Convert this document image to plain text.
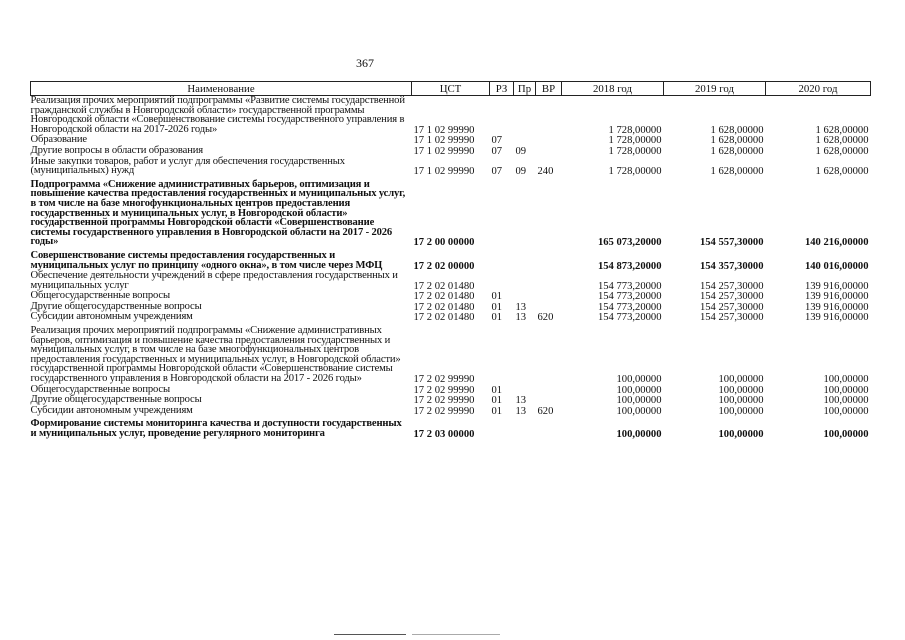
367
Наименование	ЦСТ	РЗ	Пр	ВР	2018 год	2019 год	2020 год
Реализация прочих мероприятий подпрограммы «Развитие системы государственной гражданской службы в Новгородской области» государственной программы Новгородской области «Совершенствование системы государственного управления в Новгородской области на 2017-2026 годы»	17 1 02 99990				1 728,00000	1 628,00000	1 628,00000
Образование	17 1 02 99990	07			1 728,00000	1 628,00000	1 628,00000
Другие вопросы в области образования	17 1 02 99990	07	09		1 728,00000	1 628,00000	1 628,00000
Иные закупки товаров, работ и услуг для обеспечения государственных (муниципальных) нужд	17 1 02 99990	07	09	240	1 728,00000	1 628,00000	1 628,00000
Подпрограмма «Снижение административных барьеров, оптимизация и повышение качества предоставления государственных и муниципальных услуг, в том числе на базе многофункциональных центров предоставления государственных и муниципальных услуг, в Новгородской области» государственной программы Новгородской области «Совершенствование системы государственного управления в Новгородской области на 2017 - 2026 годы»	17 2 00 00000				165 073,20000	154 557,30000	140 216,00000
Совершенствование системы предоставления государственных и муниципальных услуг по принципу «одного окна», в том числе через МФЦ	17 2 02 00000				154 873,20000	154 357,30000	140 016,00000
Обеспечение деятельности учреждений в сфере предоставления государственных и муниципальных услуг	17 2 02 01480				154 773,20000	154 257,30000	139 916,00000
Общегосударственные вопросы	17 2 02 01480	01			154 773,20000	154 257,30000	139 916,00000
Другие общегосударственные вопросы	17 2 02 01480	01	13		154 773,20000	154 257,30000	139 916,00000
Субсидии автономным учреждениям	17 2 02 01480	01	13	620	154 773,20000	154 257,30000	139 916,00000
Реализация прочих мероприятий подпрограммы «Снижение административных барьеров, оптимизация и повышение качества предоставления государственных и муниципальных услуг, в том числе на базе многофункциональных центров предоставления государственных и муниципальных услуг, в Новгородской области» государственной программы Новгородской области «Совершенствование системы государственного управления в Новгородской области на 2017 - 2026 годы»	17 2 02 99990				100,00000	100,00000	100,00000
Общегосударственные вопросы	17 2 02 99990	01			100,00000	100,00000	100,00000
Другие общегосударственные вопросы	17 2 02 99990	01	13		100,00000	100,00000	100,00000
Субсидии автономным учреждениям	17 2 02 99990	01	13	620	100,00000	100,00000	100,00000
Формирование системы мониторинга качества и доступности государственных и муниципальных услуг, проведение регулярного мониторинга	17 2 03 00000				100,00000	100,00000	100,00000
